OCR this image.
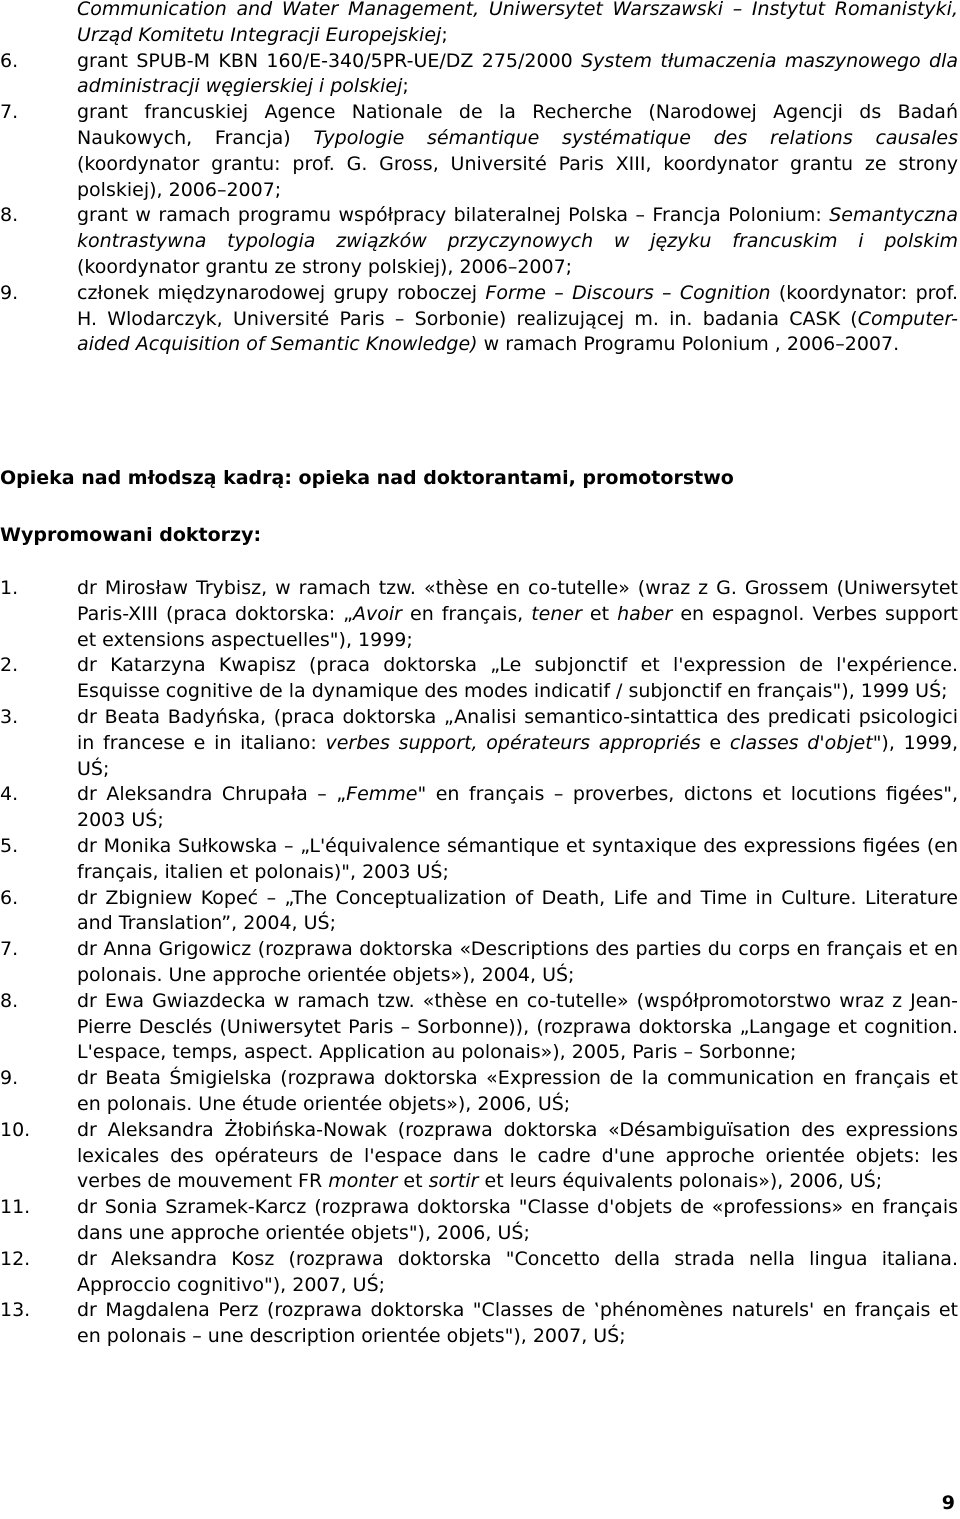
Communication and Water Management, Uniwersytet Warszawski – Instytut Romanistyki, Urząd Komitetu Integracji Europejskiej;
6.	grant SPUB-M KBN 160/E-340/5PR-UE/DZ 275/2000 System tłumaczenia maszynowego dla administracji węgierskiej i polskiej;
7.	grant francuskiej Agence Nationale de la Recherche (Narodowej Agencji ds Badań Naukowych, Francja) Typologie sémantique systématique des relations causales (koordynator grantu: prof. G. Gross, Université Paris XIII, koordynator grantu ze strony polskiej), 2006–2007;
8.	grant w ramach programu współpracy bilateralnej Polska – Francja Polonium: Semantyczna kontrastywna typologia związków przyczynowych w języku francuskim i polskim (koordynator grantu ze strony polskiej), 2006–2007;
9.	członek międzynarodowej grupy roboczej Forme – Discours – Cognition (koordynator: prof. H. Wlodarczyk, Université Paris – Sorbonie) realizującej m. in. badania CASK (Computer-aided Acquisition of Semantic Knowledge) w ramach Programu Polonium , 2006–2007.
Opieka nad młodszą kadrą: opieka nad doktorantami, promotorstwo
Wypromowani doktorzy:
1.	dr Mirosław Trybisz, w ramach tzw. «thèse en co-tutelle» (wraz z G. Grossem (Uniwersytet Paris-XIII (praca doktorska: „Avoir en français, tener et haber en espagnol. Verbes support et extensions aspectuelles"), 1999;
2.	dr Katarzyna Kwapisz (praca doktorska „Le subjonctif et l'expression de l'expérience. Esquisse cognitive de la dynamique des modes indicatif / subjonctif en français"), 1999 UŚ;
3.	dr Beata Badyńska, (praca doktorska „Analisi semantico-sintattica des predicati psicologici in francese e in italiano: verbes support, opérateurs appropriés e classes d'objet"), 1999, UŚ;
4.	dr Aleksandra Chrupała – „Femme" en français – proverbes, dictons et locutions figées", 2003 UŚ;
5.	dr Monika Sułkowska – „L'équivalence sémantique et syntaxique des expressions figées (en français, italien et polonais)", 2003 UŚ;
6.	dr Zbigniew Kopeć – „The Conceptualization of Death, Life and Time in Culture. Literature and Translation”, 2004, UŚ;
7.	dr Anna Grigowicz (rozprawa doktorska «Descriptions des parties du corps en français et en polonais. Une approche orientée objets»), 2004, UŚ;
8.	dr Ewa Gwiazdecka w ramach tzw. «thèse en co-tutelle» (współpromotorstwo wraz z Jean-Pierre Desclés (Uniwersytet Paris – Sorbonne)), (rozprawa doktorska „Langage et cognition. L'espace, temps, aspect. Application au polonais»), 2005, Paris – Sorbonne;
9.	dr Beata Śmigielska (rozprawa doktorska «Expression de la communication en français et en polonais. Une étude orientée objets»), 2006, UŚ;
10. dr Aleksandra Żłobińska-Nowak (rozprawa doktorska «Désambiguïsation des expressions lexicales des opérateurs de l'espace dans le cadre d'une approche orientée objets: les verbes de mouvement FR monter et sortir et leurs équivalents polonais»), 2006, UŚ;
11. dr Sonia Szramek-Karcz (rozprawa doktorska "Classe d'objets de «professions» en français dans une approche orientée objets"), 2006, UŚ;
12. dr Aleksandra Kosz (rozprawa doktorska "Concetto della strada nella lingua italiana. Approccio cognitivo"), 2007, UŚ;
13. dr Magdalena Perz (rozprawa doktorska "Classes de ‛phénomènes naturels' en français et en polonais – une description orientée objets"), 2007, UŚ;
9
